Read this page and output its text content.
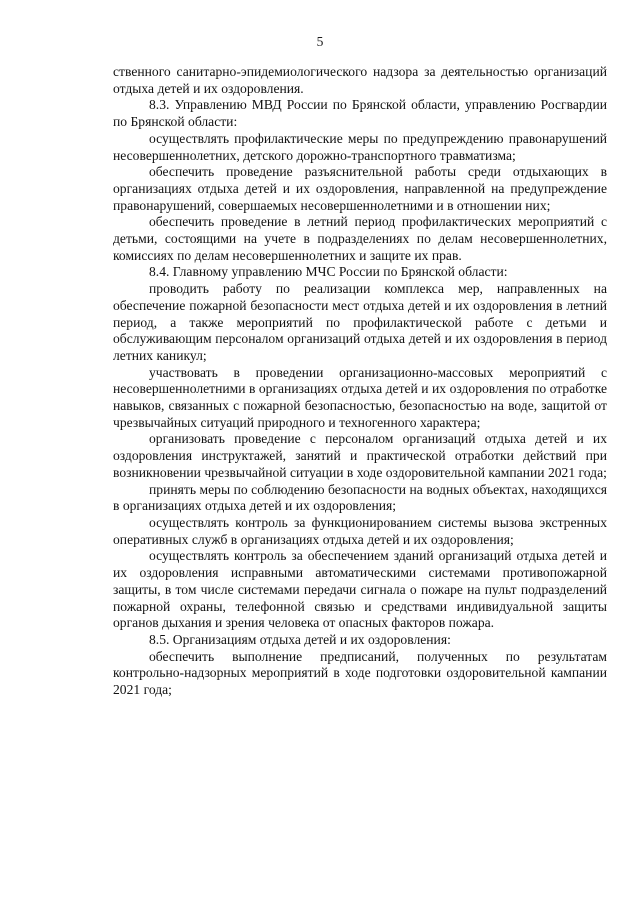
5

ственного санитарно-эпидемиологического надзора за деятельностью организаций отдыха детей и их оздоровления.

8.3. Управлению МВД России по Брянской области, управлению Росгвардии по Брянской области:

осуществлять профилактические меры по предупреждению правонарушений несовершеннолетних, детского дорожно-транспортного травматизма;

обеспечить проведение разъяснительной работы среди отдыхающих в организациях отдыха детей и их оздоровления, направленной на предупреждение правонарушений, совершаемых несовершеннолетними и в отношении них;

обеспечить проведение в летний период профилактических мероприятий с детьми, состоящими на учете в подразделениях по делам несовершеннолетних, комиссиях по делам несовершеннолетних и защите их прав.

8.4. Главному управлению МЧС России по Брянской области:

проводить работу по реализации комплекса мер, направленных на обеспечение пожарной безопасности мест отдыха детей и их оздоровления в летний период, а также мероприятий по профилактической работе с детьми и обслуживающим персоналом организаций отдыха детей и их оздоровления в период летних каникул;

участвовать в проведении организационно-массовых мероприятий с несовершеннолетними в организациях отдыха детей и их оздоровления по отработке навыков, связанных с пожарной безопасностью, безопасностью на воде, защитой от чрезвычайных ситуаций природного и техногенного характера;

организовать проведение с персоналом организаций отдыха детей и их оздоровления инструктажей, занятий и практической отработки действий при возникновении чрезвычайной ситуации в ходе оздоровительной кампании 2021 года;

принять меры по соблюдению безопасности на водных объектах, находящихся в организациях отдыха детей и их оздоровления;

осуществлять контроль за функционированием системы вызова экстренных оперативных служб в организациях отдыха детей и их оздоровления;

осуществлять контроль за обеспечением зданий организаций отдыха детей и их оздоровления исправными автоматическими системами противопожарной защиты, в том числе системами передачи сигнала о пожаре на пульт подразделений пожарной охраны, телефонной связью и средствами индивидуальной защиты органов дыхания и зрения человека от опасных факторов пожара.

8.5. Организациям отдыха детей и их оздоровления:

обеспечить выполнение предписаний, полученных по результатам контрольно-надзорных мероприятий в ходе подготовки оздоровительной кампании 2021 года;
